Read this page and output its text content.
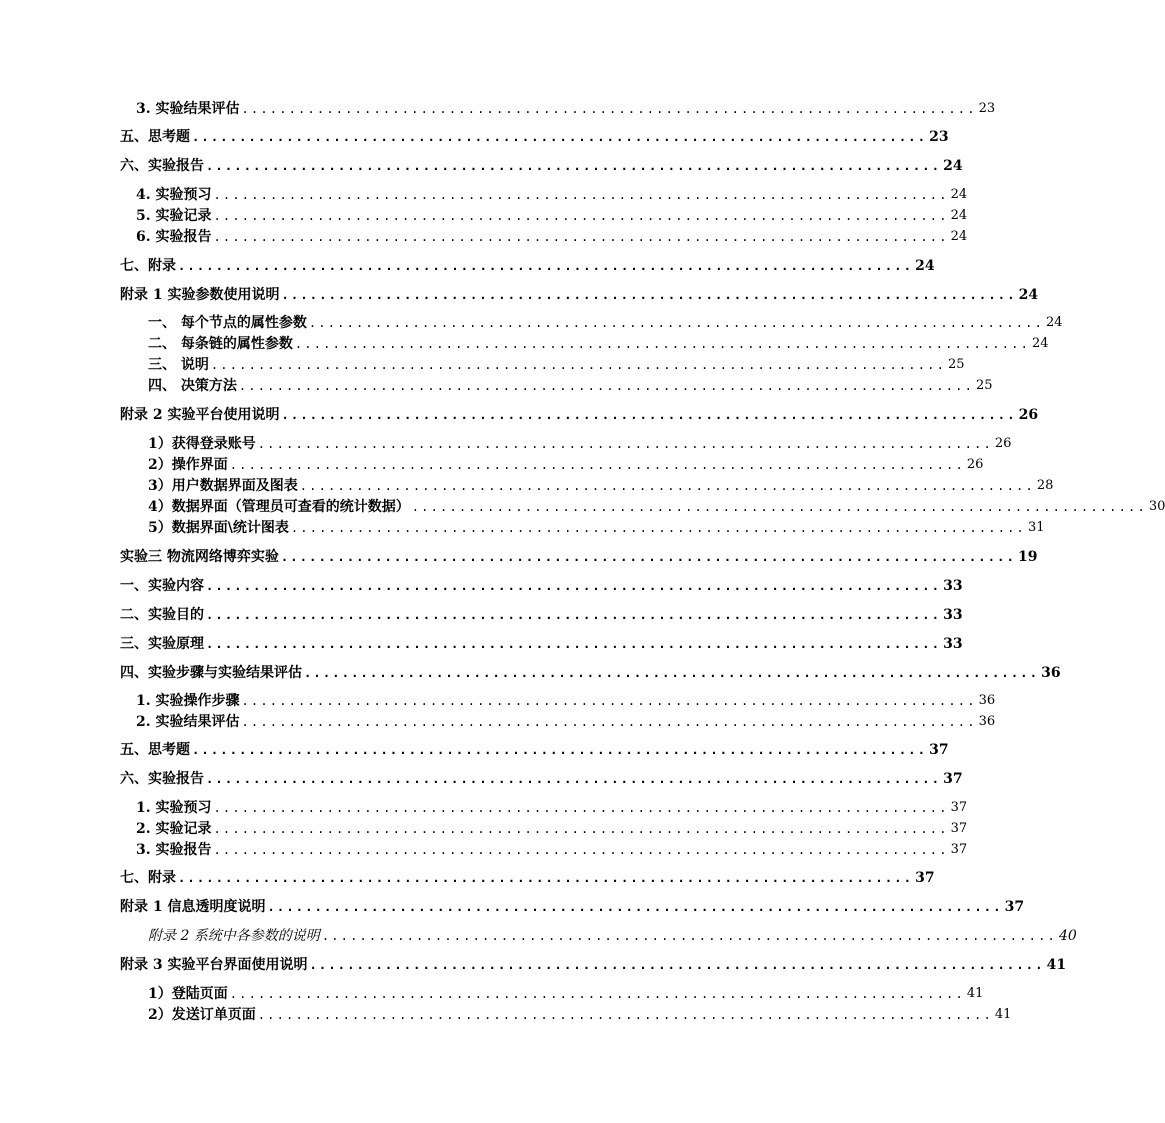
3. 实验结果评估 .............................................................................. 23
五、思考题 .............................................................................. 23
六、实验报告 .............................................................................. 24
4. 实验预习 .............................................................................. 24
5. 实验记录 .............................................................................. 24
6. 实验报告 .............................................................................. 24
七、附录 .............................................................................. 24
附录 1 实验参数使用说明 .............................................................................. 24
一、 每个节点的属性参数 .............................................................................. 24
二、 每条链的属性参数 .............................................................................. 24
三、 说明 .............................................................................. 25
四、 决策方法 .............................................................................. 25
附录 2 实验平台使用说明 .............................................................................. 26
1）获得登录账号 .............................................................................. 26
2）操作界面 .............................................................................. 26
3）用户数据界面及图表 .............................................................................. 28
4）数据界面（管理员可查看的统计数据） .............................................................................. 30
5）数据界面\统计图表 .............................................................................. 31
实验三 物流网络博弈实验 .............................................................................. 19
一、实验内容 .............................................................................. 33
二、实验目的 .............................................................................. 33
三、实验原理 .............................................................................. 33
四、实验步骤与实验结果评估 .............................................................................. 36
1. 实验操作步骤 .............................................................................. 36
2. 实验结果评估 .............................................................................. 36
五、思考题 .............................................................................. 37
六、实验报告 .............................................................................. 37
1. 实验预习 .............................................................................. 37
2. 实验记录 .............................................................................. 37
3. 实验报告 .............................................................................. 37
七、附录 .............................................................................. 37
附录 1 信息透明度说明 .............................................................................. 37
附录 2 系统中各参数的说明 .............................................................................. 40
附录 3 实验平台界面使用说明 .............................................................................. 41
1）登陆页面 .............................................................................. 41
2）发送订单页面 .............................................................................. 41
